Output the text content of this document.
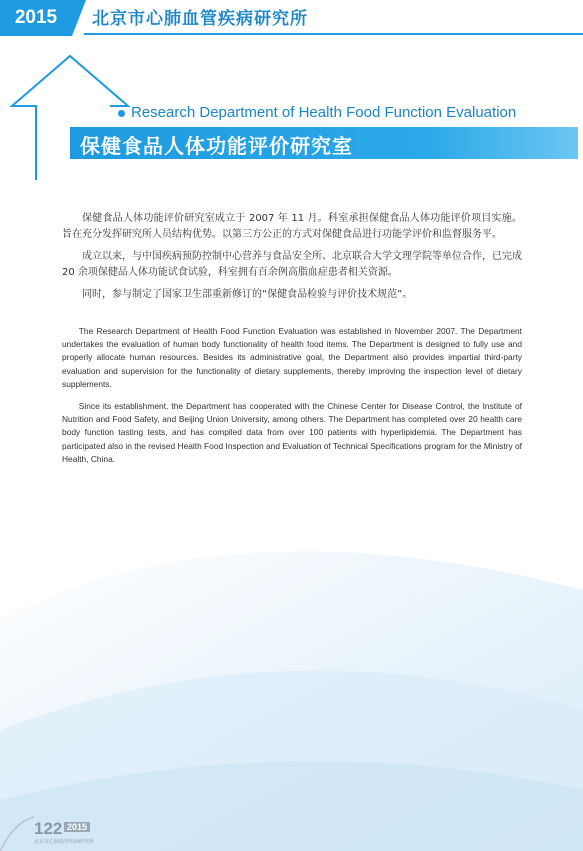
2015	北京市心肺血管疾病研究所
Research Department of Health Food Function Evaluation
保健食品人体功能评价研究室

保健食品人体功能评价研究室成立于 2007 年 11 月。科室承担保健食品人体功能评价项目实施。旨在充分发挥研究所人员结构优势。以第三方公正的方式对保健食品进行功能学评价和监督服务平。

成立以来，与中国疾病预防控制中心营养与食品安全所、北京联合大学文理学院等单位合作，已完成 20 余项保健品人体功能试食试验，科室拥有百余例高脂血症患者相关资源。

同时，参与制定了国家卫生部重新修订的“保健食品检验与评价技术规范”。

The Research Department of Health Food Function Evaluation was established in November 2007. The Department undertakes the evaluation of human body functionality of health food items. The Department is designed to fully use and properly allocate human resources. Besides its administrative goal, the Department also provides impartial third-party evaluation and supervision for the functionality of dietary supplements, thereby improving the inspection level of dietary supplements.

Since its establishment, the Department has cooperated with the Chinese Center for Disease Control, the Institute of Nutrition and Food Safety, and Beijing Union University, among others. The Department has completed over 20 health care body function tasting tests, and has compiled data from over 100 patients with hyperlipidemia. The Department has participated also in the revised Health Food Inspection and Evaluation of Technical Specifications program for the Ministry of Health, China.

122 2015
北京市心肺血管疾病研究所
